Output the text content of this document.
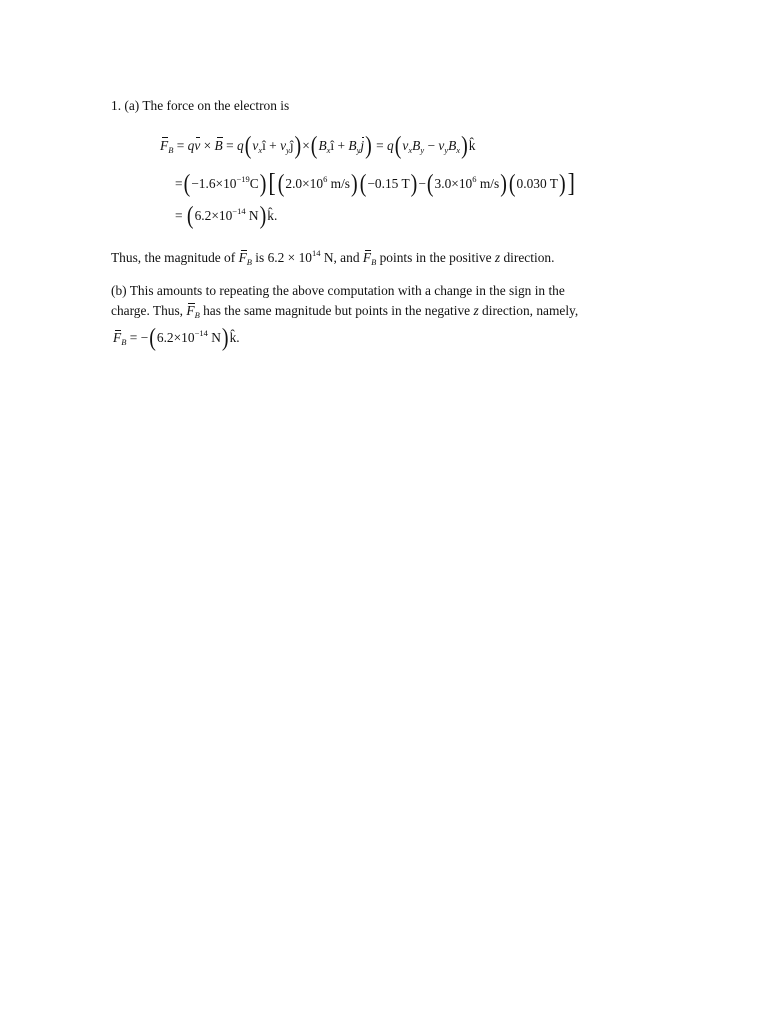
1. (a) The force on the electron is
$F_B$ = qv × $B = q(v_xî$ + $v_yĵ)\times(B_xî + B_yj) = q(v_xB_y$ − $v_yB_x)k̂$
$=(-1.6\times 10^{-19}C)$[ ($2.0\times 10^6$ m/s) (−0.15 $T)-(3.0\times 10^6$ m/s) (0.030 T)]
= ($6.2\times 10^{-14}$ N)k̂.
Thus, the magnitude of $F_B$ is $6.2 \times 10^{14}$ N, and $F_B$ points in the positive z direction.
(b) This amounts to repeating the above computation with a change in the sign in the
charge. Thus, $F_B$ has the same magnitude but points in the negative z direction, namely,
$F_B = -(6.2\times 10^{-14}$ N)k̂.
